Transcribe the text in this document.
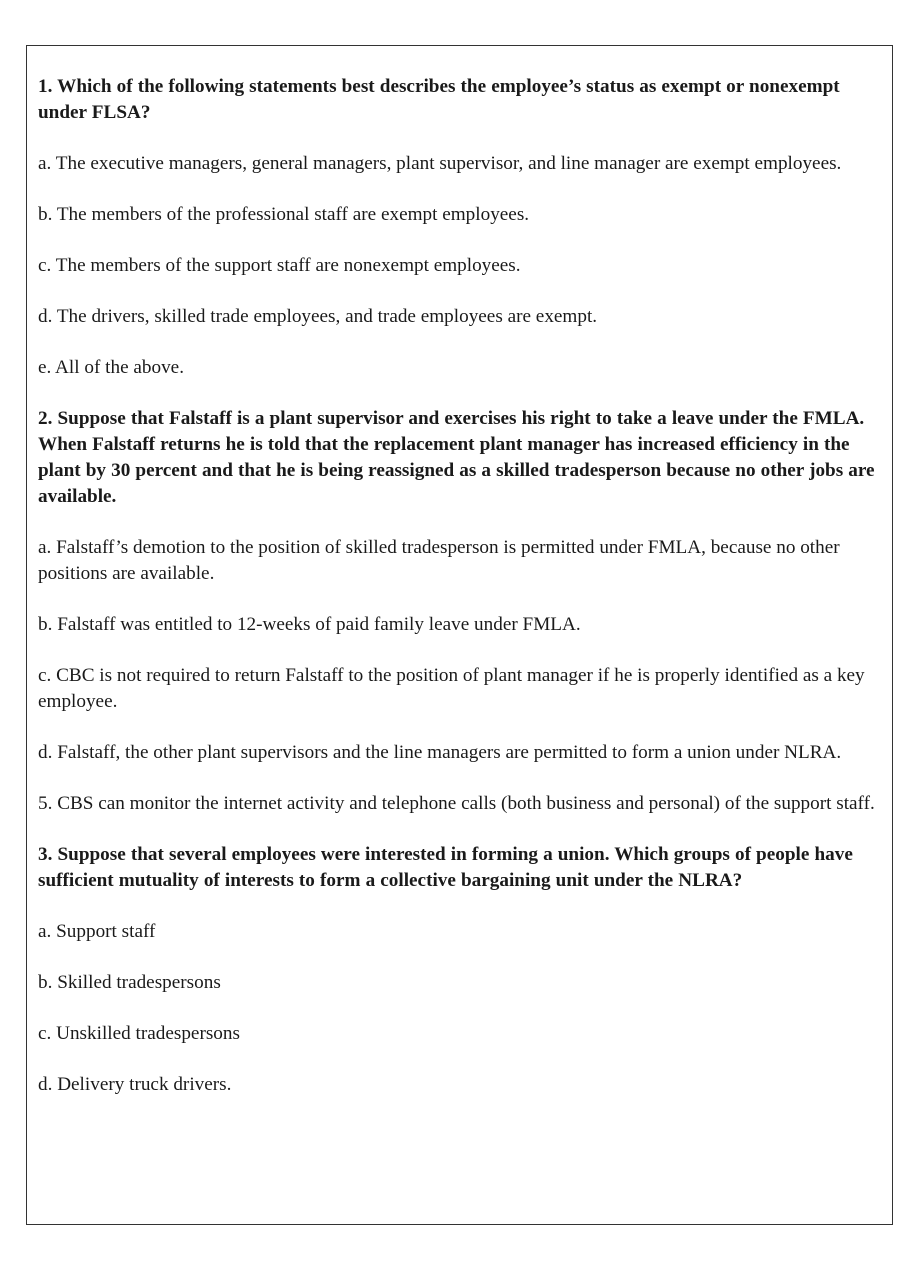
1. Which of the following statements best describes the employee’s status as exempt or nonexempt under FLSA?

a. The executive managers, general managers, plant supervisor, and line manager are exempt employees.

b. The members of the professional staff are exempt employees.

c. The members of the support staff are nonexempt employees.

d. The drivers, skilled trade employees, and trade employees are exempt.

e. All of the above.

2. Suppose that Falstaff is a plant supervisor and exercises his right to take a leave under the FMLA. When Falstaff returns he is told that the replacement plant manager has increased efficiency in the plant by 30 percent and that he is being reassigned as a skilled tradesperson because no other jobs are available.

a. Falstaff’s demotion to the position of skilled tradesperson is permitted under FMLA, because no other positions are available.

b. Falstaff was entitled to 12-weeks of paid family leave under FMLA.

c. CBC is not required to return Falstaff to the position of plant manager if he is properly identified as a key employee.

d. Falstaff, the other plant supervisors and the line managers are permitted to form a union under NLRA.

5. CBS can monitor the internet activity and telephone calls (both business and personal) of the support staff.

3. Suppose that several employees were interested in forming a union. Which groups of people have sufficient mutuality of interests to form a collective bargaining unit under the NLRA?

a. Support staff

b. Skilled tradespersons

c. Unskilled tradespersons

d. Delivery truck drivers.
